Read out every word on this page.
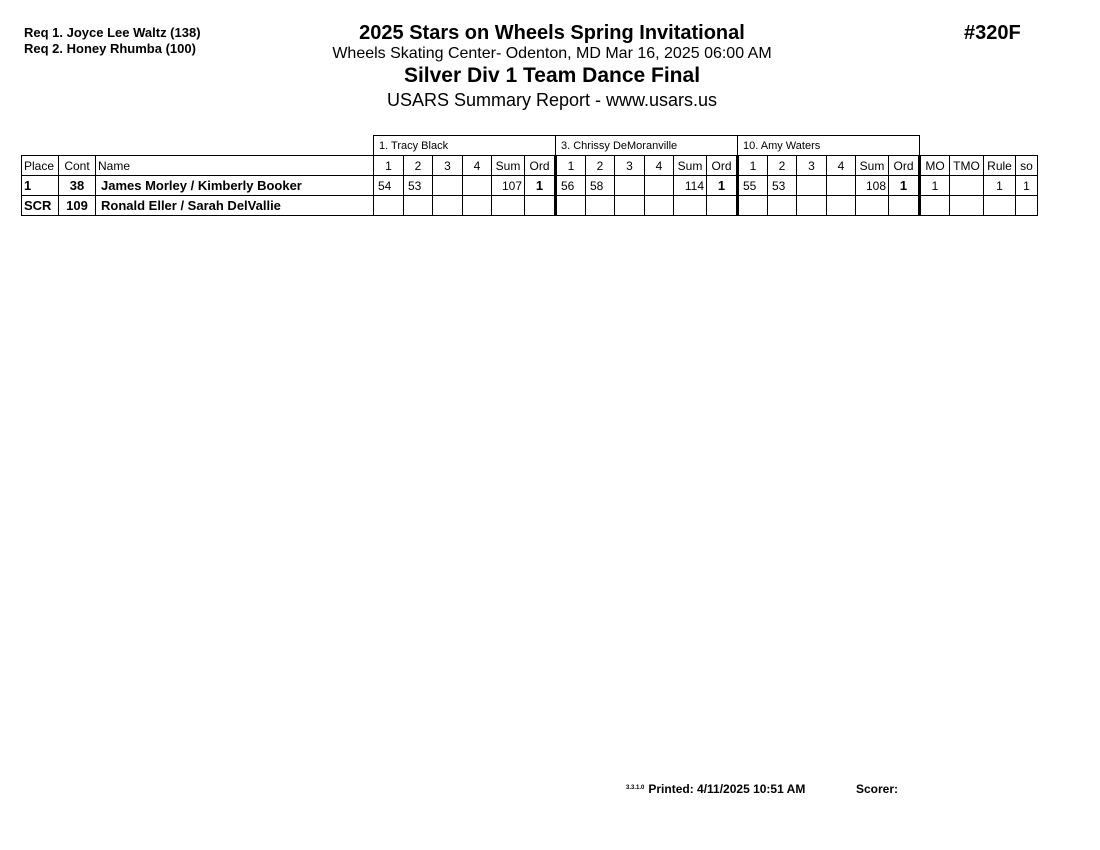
Req 1. Joyce Lee Waltz (138)
Req 2. Honey Rhumba (100)
2025 Stars on Wheels Spring Invitational
Wheels Skating Center- Odenton, MD Mar 16, 2025 06:00 AM
Silver Div 1 Team Dance Final
USARS Summary Report - www.usars.us
#320F
			1. Tracy Black						3. Chrissy DeMoranville						10. Amy Waters									
Place	Cont	Name	1	2	3	4	Sum	Ord	1	2	3	4	Sum	Ord	1	2	3	4	Sum	Ord	MO	TMO	Rule	so
1	38	James Morley / Kimberly Booker	54	53			107	1	56	58			114	1	55	53			108	1	1		1	1
SCR	109	Ronald Eller / Sarah DelVallie																						
$^{3.3.1.0}$ Printed: 4/11/2025 10:51 AM	Scorer:
